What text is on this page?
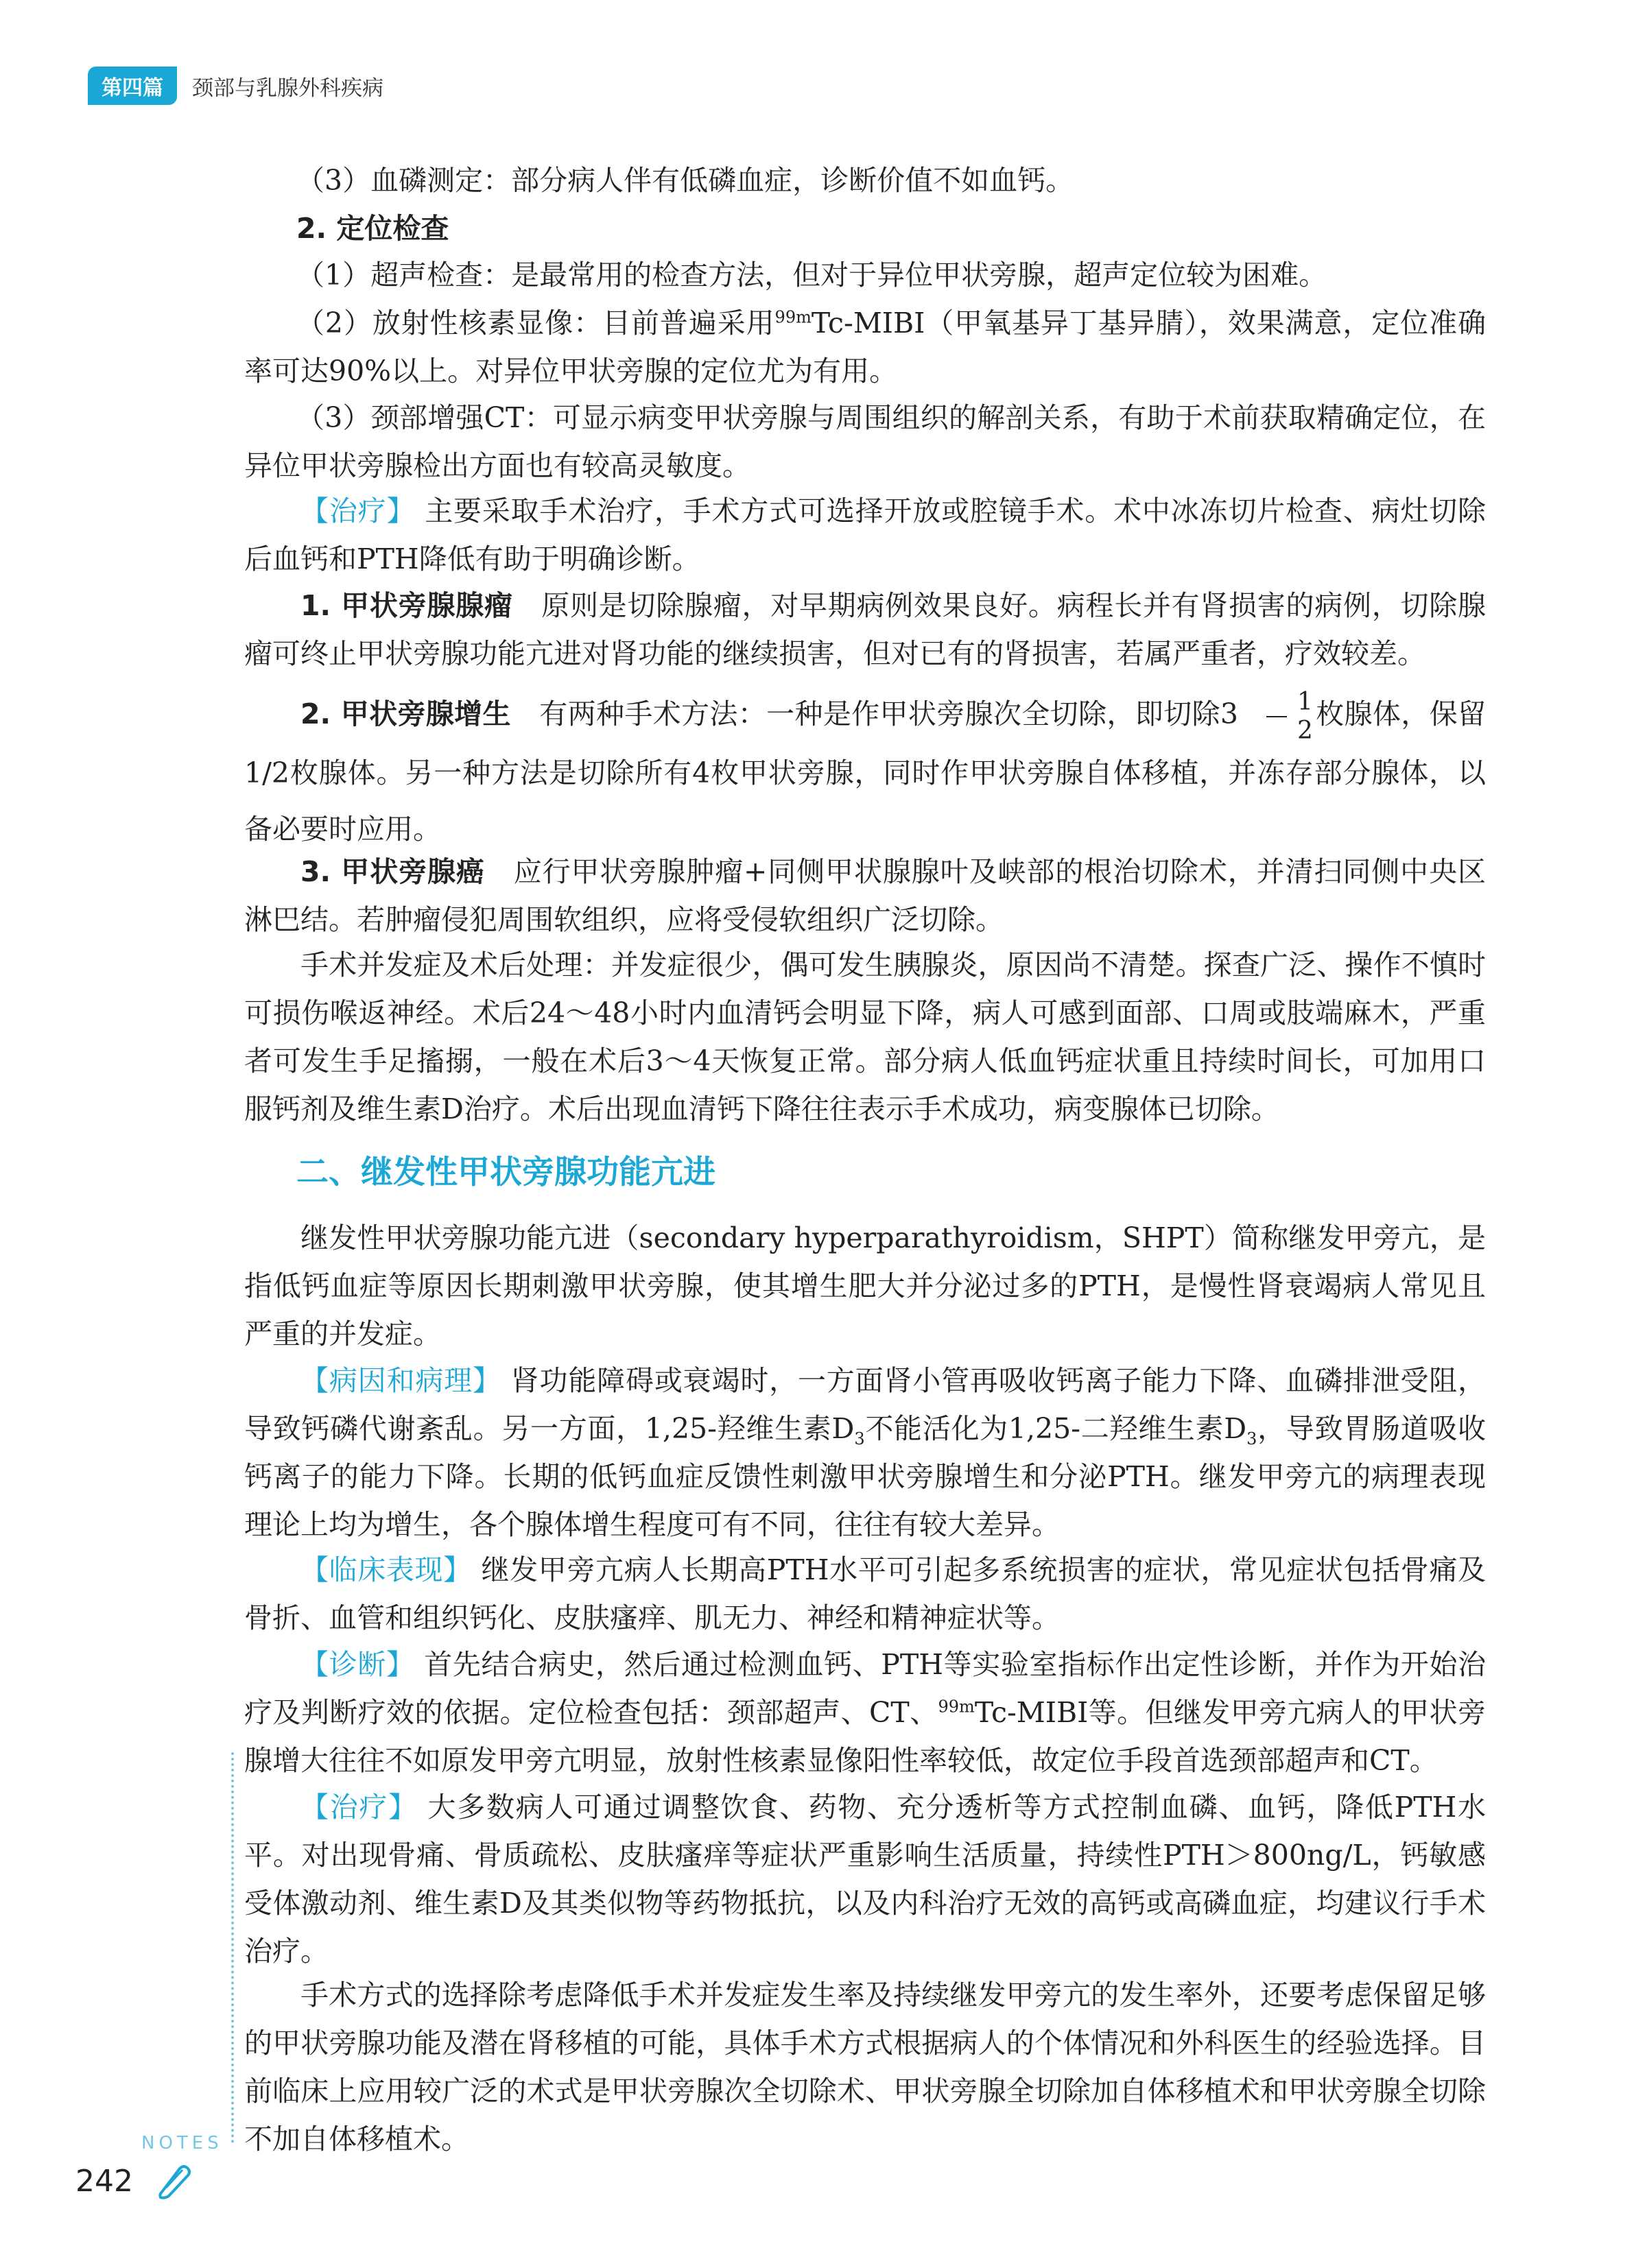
第四篇	颈部与乳腺外科疾病

（3）血磷测定：部分病人伴有低磷血症，诊断价值不如血钙。

2. 定位检查

（1）超声检查：是最常用的检查方法，但对于异位甲状旁腺，超声定位较为困难。

（2）放射性核素显像：目前普遍采用$^{99m}$Tc-MIBI（甲氧基异丁基异腈），效果满意，定位准确率可达90%以上。对异位甲状旁腺的定位尤为有用。

（3）颈部增强CT：可显示病变甲状旁腺与周围组织的解剖关系，有助于术前获取精确定位，在异位甲状旁腺检出方面也有较高灵敏度。

【治疗】 主要采取手术治疗，手术方式可选择开放或腔镜手术。术中冰冻切片检查、病灶切除后血钙和PTH降低有助于明确诊断。

1. 甲状旁腺腺瘤　原则是切除腺瘤，对早期病例效果良好。病程长并有肾损害的病例，切除腺瘤可终止甲状旁腺功能亢进对肾功能的继续损害，但对已有的肾损害，若属严重者，疗效较差。

2. 甲状旁腺增生　有两种手术方法：一种是作甲状旁腺次全切除，即切除$3 \frac{1}{2}$ 枚腺体，保留1/2枚腺体。另一种方法是切除所有4枚甲状旁腺，同时作甲状旁腺自体移植，并冻存部分腺体，以备必要时应用。

3. 甲状旁腺癌　应行甲状旁腺肿瘤+同侧甲状腺腺叶及峡部的根治切除术，并清扫同侧中央区淋巴结。若肿瘤侵犯周围软组织，应将受侵软组织广泛切除。

手术并发症及术后处理：并发症很少，偶可发生胰腺炎，原因尚不清楚。探查广泛、操作不慎时可损伤喉返神经。术后24～48小时内血清钙会明显下降，病人可感到面部、口周或肢端麻木，严重者可发生手足搐搦，一般在术后3～4天恢复正常。部分病人低血钙症状重且持续时间长，可加用口服钙剂及维生素D治疗。术后出现血清钙下降往往表示手术成功，病变腺体已切除。

二、继发性甲状旁腺功能亢进

继发性甲状旁腺功能亢进（secondary hyperparathyroidism，SHPT）简称继发甲旁亢，是指低钙血症等原因长期刺激甲状旁腺，使其增生肥大并分泌过多的PTH，是慢性肾衰竭病人常见且严重的并发症。

【病因和病理】 肾功能障碍或衰竭时，一方面肾小管再吸收钙离子能力下降、血磷排泄受阻，导致钙磷代谢紊乱。另一方面，1,25-羟维生素$D_3$不能活化为1,25-二羟维生素$D_3$，导致胃肠道吸收钙离子的能力下降。长期的低钙血症反馈性刺激甲状旁腺增生和分泌PTH。继发甲旁亢的病理表现理论上均为增生，各个腺体增生程度可有不同，往往有较大差异。

【临床表现】 继发甲旁亢病人长期高PTH水平可引起多系统损害的症状，常见症状包括骨痛及骨折、血管和组织钙化、皮肤瘙痒、肌无力、神经和精神症状等。

【诊断】 首先结合病史，然后通过检测血钙、PTH等实验室指标作出定性诊断，并作为开始治疗及判断疗效的依据。定位检查包括：颈部超声、CT、$^{99m}$Tc-MIBI等。但继发甲旁亢病人的甲状旁腺增大往往不如原发甲旁亢明显，放射性核素显像阳性率较低，故定位手段首选颈部超声和CT。

【治疗】 大多数病人可通过调整饮食、药物、充分透析等方式控制血磷、血钙，降低PTH水平。对出现骨痛、骨质疏松、皮肤瘙痒等症状严重影响生活质量，持续性PTH＞800ng/L，钙敏感受体激动剂、维生素D及其类似物等药物抵抗，以及内科治疗无效的高钙或高磷血症，均建议行手术治疗。

手术方式的选择除考虑降低手术并发症发生率及持续继发甲旁亢的发生率外，还要考虑保留足够的甲状旁腺功能及潜在肾移植的可能，具体手术方式根据病人的个体情况和外科医生的经验选择。目前临床上应用较广泛的术式是甲状旁腺次全切除术、甲状旁腺全切除加自体移植术和甲状旁腺全切除不加自体移植术。

NOTES
242
